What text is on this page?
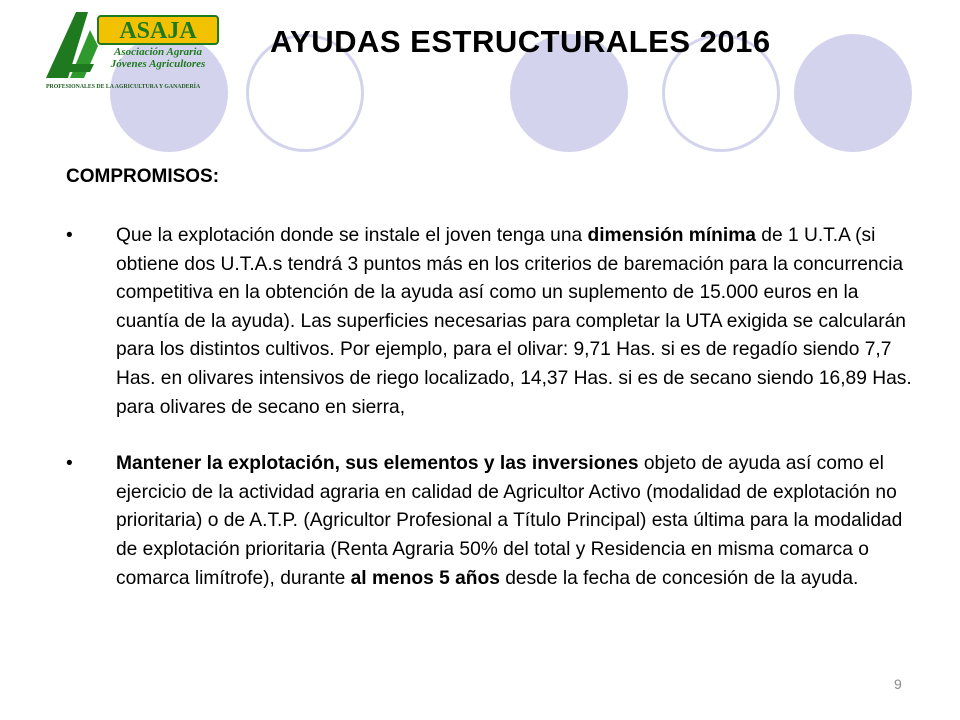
ASAJA
Asociación Agraria
Jóvenes Agricultores
PROFESIONALES DE LA AGRICULTURA Y GANADERÍA
AYUDAS ESTRUCTURALES 2016
COMPROMISOS:
• Que la explotación donde se instale el joven tenga una dimensión mínima de 1 U.T.A (si obtiene dos U.T.A.s tendrá 3 puntos más en los criterios de baremación para la concurrencia competitiva en la obtención de la ayuda así como un suplemento de 15.000 euros en la cuantía de la ayuda). Las superficies necesarias para completar la UTA exigida se calcularán para los distintos cultivos. Por ejemplo, para el olivar: 9,71 Has. si es de regadío siendo 7,7 Has. en olivares intensivos de riego localizado, 14,37 Has. si es de secano siendo 16,89 Has. para olivares de secano en sierra,
• Mantener la explotación, sus elementos y las inversiones objeto de ayuda así como el ejercicio de la actividad agraria en calidad de Agricultor Activo (modalidad de explotación no prioritaria) o de A.T.P. (Agricultor Profesional a Título Principal) esta última para la modalidad de explotación prioritaria (Renta Agraria 50% del total y Residencia en misma comarca o comarca limítrofe), durante al menos 5 años desde la fecha de concesión de la ayuda.
9
